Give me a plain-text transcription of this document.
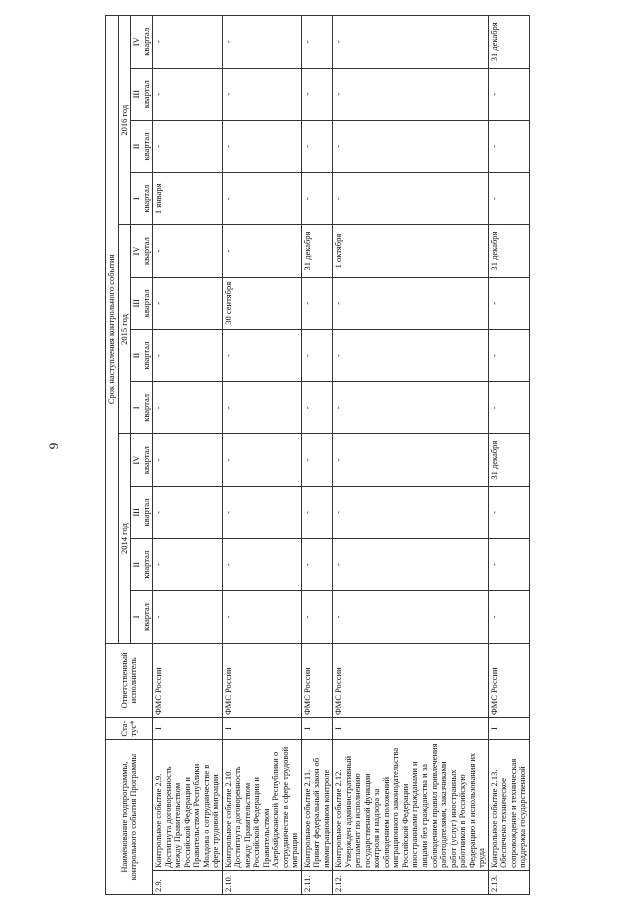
9
Наименование подпрограммы, контрольного события Программы		Ста- тус*	Ответственный исполнитель	Срок наступления контрольного события											
				2014 год				2015 год				2016 год			

				I квартал	II квартал	III квартал	IV квартал	I квартал	II квартал	III квартал	IV квартал	I квартал	II квартал	III квартал	IV квартал

2.9.	Контрольное событие 2.9. Достигнута договоренность между Правительством Российской Федерации и Правительством Республики Молдова о сотрудничестве в сфере трудовой миграции	I	ФМС России	-	-	-	-	-	-	-	-	1 января	-	-	-
2.10.	Контрольное событие 2.10. Достигнута договоренность между Правительством Российской Федерации и Правительством Азербайджанской Республики о сотрудничестве в сфере трудовой миграции	I	ФМС России	-	-	-	-	-	-	30 сентября	-	-	-	-	-
2.11.	Контрольное событие 2.11. Принят федеральный закон об иммиграционном контроле	I	ФМС России	-	-	-	-	-	-	-	31 декабря	-	-	-	-
2.12.	Контрольное событие 2.12. Утвержден административный регламент по исполнению государственной функции контроля и надзора за соблюдением положений миграционного законодательства Российской Федерации иностранными гражданами и лицами без гражданства и за соблюдением правил привлечения работодателями, заказчиками работ (услуг) иностранных работников в Российскую Федерацию и использования их труда	I	ФМС России	-	-	-	-	-	-	-	1 октября	-	-	-	-
2.13.	Контрольное событие 2.13. Обеспечено техническое сопровождение и техническая поддержка государственной	I	ФМС России	-	-	-	31 декабря	-	-	-	31 декабря	-	-	-	31 декабря
